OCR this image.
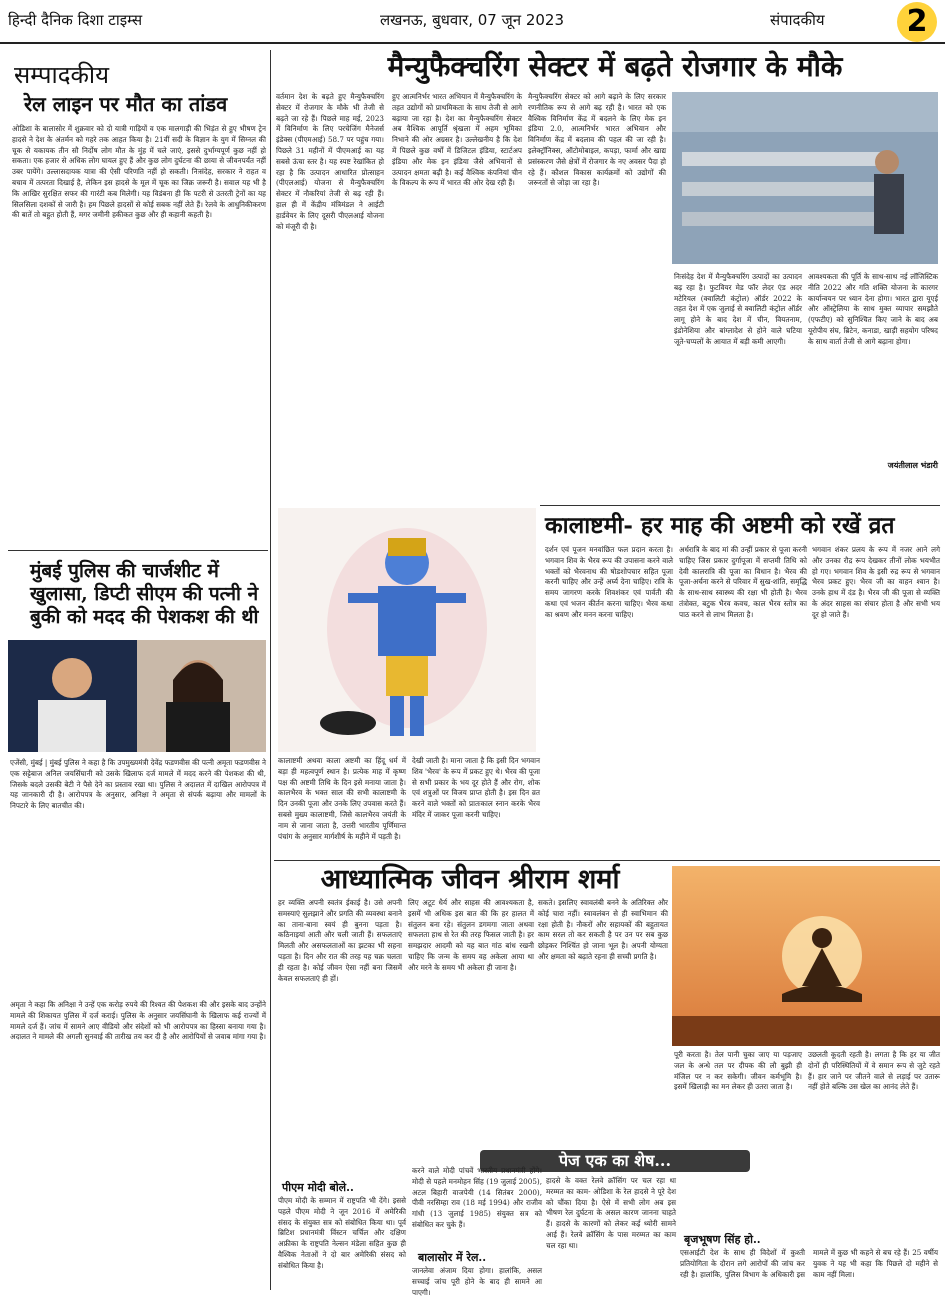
हिन्दी दैनिक दिशा टाइम्स	लखनऊ, बुधवार, 07 जून 2023	संपादकीय	2
सम्पादकीय
रेल लाइन पर मौत का तांडव
ओडिशा के बालासोर में शुक्रवार को दो यात्री गाड़ियों व एक मालगाड़ी की भिड़ंत से हुए भीषण ट्रेन हादसे ने देश के अंतर्मन को गहरे तक आहत किया है। 21वीं सदी के विज्ञान के युग में सिग्नल की चूक से यकायक तीन सौ निर्दोष लोग मौत के मुंह में चले जाएं, इससे दुर्भाग्यपूर्ण कुछ नहीं हो सकता। एक हजार से अधिक लोग घायल हुए हैं और कुछ लोग दुर्घटना की छाया से जीवनपर्यंत नहीं उबर पायेंगे। उल्लासदायक यात्रा की ऐसी परिणति नहीं हो सकती। निःसंदेह, सरकार ने राहत व बचाव में तत्परता दिखाई है, लेकिन इस हादसे के मूल में चूक का जिक्र जरूरी है। सवाल यह भी है कि आखिर सुरक्षित सफर की गारंटी कब मिलेगी। यह विडंबना ही कि पटरी से उतरती ट्रेनों का यह सिलसिला दशकों से जारी है। हम पिछले हादसों से कोई सबक नहीं लेते हैं। रेलवे के आधुनिकीकरण की बातें तो बहुत होती हैं, मगर जमीनी हकीकत कुछ और ही कहानी कहती है।
मुंबई पुलिस की चार्जशीट में खुलासा, डिप्टी सीएम की पत्नी ने बुकी को मदद की पेशकश की थी
एजेंसी, मुंबई | मुंबई पुलिस ने कहा है कि उपमुख्यमंत्री देवेंद्र फडणवीस की पत्नी अमृता फडणवीस ने एक सट्टेबाज अनिल जयसिंघानी को उसके खिलाफ दर्ज मामले में मदद करने की पेशकश की थी, जिसके बदले उसकी बेटी ने पैसे देने का प्रस्ताव रखा था। पुलिस ने अदालत में दाखिल आरोपपत्र में यह जानकारी दी है। आरोपपत्र के अनुसार, अनिक्षा ने अमृता से संपर्क बढ़ाया और मामलों के निपटारे के लिए बातचीत की।
अमृता ने कहा कि अनिक्षा ने उन्हें एक करोड़ रुपये की रिश्वत की पेशकश की और इसके बाद उन्होंने मामले की शिकायत पुलिस में दर्ज कराई। पुलिस के अनुसार जयसिंघानी के खिलाफ कई राज्यों में मामले दर्ज हैं। जांच में सामने आए वीडियो और संदेशों को भी आरोपपत्र का हिस्सा बनाया गया है। अदालत ने मामले की अगली सुनवाई की तारीख तय कर दी है और आरोपियों से जवाब मांगा गया है।
मैन्युफैक्चरिंग सेक्टर में बढ़ते रोजगार के मौके
वर्तमान देश के बढ़ते हुए मैन्युफैक्चरिंग सेक्टर में रोजगार के मौके भी तेजी से बढ़ते जा रहे हैं। पिछले माह मई, 2023 में विनिर्माण के लिए परचेजिंग मैनेजर्स इंडेक्स (पीएमआई) 58.7 पर पहुंच गया। पिछले 31 महीनों में पीएमआई का यह सबसे ऊंचा स्तर है। यह स्पष्ट रेखांकित हो रहा है कि उत्पादन आधारित प्रोत्साहन (पीएलआई) योजना से मैन्युफैक्चरिंग सेक्टर में नौकरियां तेजी से बढ़ रही हैं। हाल ही में केंद्रीय मंत्रिमंडल ने आईटी हार्डवेयर के लिए दूसरी पीएलआई योजना को मंजूरी दी है।
हुए आत्मनिर्भर भारत अभियान में मैन्युफैक्चरिंग के तहत उद्योगों को प्राथमिकता के साथ तेजी से आगे बढ़ाया जा रहा है। देश का मैन्युफैक्चरिंग सेक्टर अब वैश्विक आपूर्ति श्रृंखला में अहम भूमिका निभाने की ओर अग्रसर है। उल्लेखनीय है कि देश में पिछले कुछ वर्षों में डिजिटल इंडिया, स्टार्टअप इंडिया और मेक इन इंडिया जैसे अभियानों से उत्पादन क्षमता बढ़ी है। कई वैश्विक कंपनियां चीन के विकल्प के रूप में भारत की ओर देख रही हैं।
मैन्युफैक्चरिंग सेक्टर को आगे बढ़ाने के लिए सरकार रणनीतिक रूप से आगे बढ़ रही है। भारत को एक वैश्विक विनिर्माण केंद्र में बदलने के लिए मेक इन इंडिया 2.0, आत्मनिर्भर भारत अभियान और विनिर्माण केंद्र में बदलाव की पहल की जा रही है। इलेक्ट्रॉनिक्स, ऑटोमोबाइल, कपड़ा, फार्मा और खाद्य प्रसंस्करण जैसे क्षेत्रों में रोजगार के नए अवसर पैदा हो रहे हैं। कौशल विकास कार्यक्रमों को उद्योगों की जरूरतों से जोड़ा जा रहा है।
निःसंदेह देश में मैन्युफैक्चरिंग उत्पादों का उत्पादन बढ़ रहा है। फुटवियर मेड फॉर लेदर एंड अदर मटेरियल (क्वालिटी कंट्रोल) ऑर्डर 2022 के तहत देश में एक जुलाई से क्वालिटी कंट्रोल ऑर्डर लागू होने के बाद देश में चीन, वियतनाम, इंडोनेशिया और बांग्लादेश से होने वाले घटिया जूते-चप्पलों के आयात में बड़ी कमी आएगी।
आवश्यकता की पूर्ति के साथ-साथ नई लॉजिस्टिक नीति 2022 और गति शक्ति योजना के कारगर कार्यान्वयन पर ध्यान देना होगा। भारत द्वारा यूएई और ऑस्ट्रेलिया के साथ मुक्त व्यापार समझौते (एफटीए) को सुनिश्चित किए जाने के बाद अब यूरोपीय संघ, ब्रिटेन, कनाडा, खाड़ी सहयोग परिषद के साथ वार्ता तेजी से आगे बढ़ाना होगा।
जयंतीलाल भंडारी
कालाष्टमी- हर माह की अष्टमी को रखें व्रत
दर्शन एवं पूजन मनवांछित फल प्रदान करता है। भगवान शिव के भैरव रूप की उपासना करने वाले भक्तों को भैरवनाथ की षोडशोपचार सहित पूजा करनी चाहिए और उन्हें अर्घ्य देना चाहिए। रात्रि के समय जागरण करके शिवशंकर एवं पार्वती की कथा एवं भजन कीर्तन करना चाहिए। भैरव कथा का श्रवण और मनन करना चाहिए।
अर्धरात्रि के बाद मां की उन्हीं प्रकार से पूजा करनी चाहिए जिस प्रकार दुर्गापूजा में सप्तमी तिथि को देवी कालरात्रि की पूजा का विधान है। भैरव की पूजा-अर्चना करने से परिवार में सुख-शांति, समृद्धि के साथ-साथ स्वास्थ्य की रक्षा भी होती है। भैरव तंत्रोक्त, बटुक भैरव कवच, काल भैरव स्तोत्र का पाठ करने से लाभ मिलता है।
भगवान शंकर प्रलय के रूप में नजर आने लगे और उनका रौद्र रूप देखकर तीनों लोक भयभीत हो गए। भगवान शिव के इसी रुद्र रूप से भगवान भैरव प्रकट हुए। भैरव जी का वाहन श्वान है। उनके हाथ में दंड है। भैरव जी की पूजा से व्यक्ति के अंदर साहस का संचार होता है और सभी भय दूर हो जाते हैं।
कालाष्टमी अथवा काला अष्टमी का हिंदू धर्म में बड़ा ही महत्वपूर्ण स्थान है। प्रत्येक माह में कृष्ण पक्ष की अष्टमी तिथि के दिन इसे मनाया जाता है। कालभैरव के भक्त साल की सभी कालाष्टमी के दिन उनकी पूजा और उनके लिए उपवास करते हैं। सबसे मुख्य कालाष्टमी, जिसे कालभैरव जयंती के नाम से जाना जाता है, उत्तरी भारतीय पूर्णिमान्त पंचांग के अनुसार मार्गशीर्ष के महीने में पड़ती है।
देखी जाती है। माना जाता है कि इसी दिन भगवान शिव 'भैरव' के रूप में प्रकट हुए थे। भैरव की पूजा से सभी प्रकार के भय दूर होते हैं और रोग, शोक एवं शत्रुओं पर विजय प्राप्त होती है। इस दिन व्रत करने वाले भक्तों को प्रातःकाल स्नान करके भैरव मंदिर में जाकर पूजा करनी चाहिए।
आध्यात्मिक जीवन श्रीराम शर्मा
हर व्यक्ति अपनी स्वतंत्र ईकाई है। उसे अपनी समस्याएं सुलझाने और प्रगति की व्यवस्था बनाने का ताना-बाना स्वयं ही बुनना पड़ता है। कठिनाइयां आती और चली जाती हैं। सफलताएं मिलती और असफलताओं का झटका भी सहना पड़ता है। दिन और रात की तरह यह चक्र चलता ही रहता है। कोई जीवन ऐसा नहीं बना जिसमें केवल सफलताएं ही हों।
लिए अटूट धैर्य और साहस की आवश्यकता है, इसमें भी अधिक इस बात की कि हर हालत में संतुलन बना रहे। संतुलन डगमगा जाता अथवा सफलता हाथ से रेत की तरह फिसल जाती है। हर समझदार आदमी को यह बात गांठ बांध रखनी चाहिए कि जन्म के समय वह अकेला आया था और मरने के समय भी अकेला ही जाना है।
सकते। इसलिए स्वावलंबी बनने के अतिरिक्त और कोई चारा नहीं। स्वावलंबन से ही स्वाभिमान की रक्षा होती है। नौकरों और सहायकों की बहुतायत काम सरल तो कर सकती है पर उन पर सब कुछ छोड़कर निश्चिंत हो जाना भूल है। अपनी योग्यता और क्षमता को बढ़ाते रहना ही सच्ची प्रगति है।
पूरी करता है। तेल पानी चुका जाए या पड़जाए जल के अन्धे तल पर दीपक की लौ बुझी ही मंजिल पर न कर सकेगी। जीवन कर्मभूमि है। इसमें खिलाड़ी का मन लेकर ही उतरा जाता है।
उछलती कूदती रहती है। लगता है कि हर या जीत दोनों ही परिस्थितियों में वे समान रूप से जुटे रहते हैं। हार जाने पर जीतने वाले से लड़ाई पर उतारू नहीं होते बल्कि उस खेल का आनंद लेते हैं।
पेज एक का शेष...
पीएम मोदी बोले..
पीएम मोदी के सम्मान में राष्ट्रपति भी देंगे। इससे पहले पीएम मोदी ने जून 2016 में अमेरिकी संसद के संयुक्त सत्र को संबोधित किया था। पूर्व ब्रिटिश प्रधानमंत्री विंस्टन चर्चिल और दक्षिण अफ्रीका के राष्ट्रपति नेल्सन मंडेला सहित कुछ ही वैश्विक नेताओं ने दो बार अमेरिकी संसद को संबोधित किया है।
करने वाले मोदी पांचवें भारतीय प्रधानमंत्री होंगे। मोदी से पहले मनमोहन सिंह (19 जुलाई 2005), अटल बिहारी वाजपेयी (14 सितंबर 2000), पीवी नरसिम्हा राव (18 मई 1994) और राजीव गांधी (13 जुलाई 1985) संयुक्त सत्र को संबोधित कर चुके हैं।
बालासोर में रेल..
जानलेवा अंजाम दिया होगा। हालांकि, असल सच्चाई जांच पूरी होने के बाद ही सामने आ पाएगी।
हादसे के वक्त रेलवे क्रॉसिंग पर चल रहा था मरम्मत का काम- ओडिशा के रेल हादसे ने पूरे देश को चौंका दिया है। ऐसे में सभी लोग अब इस भीषण रेल दुर्घटना के असल कारण जानना चाहते हैं। हादसे के कारणों को लेकर कई थ्योरी सामने आई हैं। रेलवे क्रॉसिंग के पास मरम्मत का काम चल रहा था।	बृजभूषण सिंह हो..
एसआईटी देश के साथ ही विदेशों में कुश्ती प्रतियोगिता के दौरान लगे आरोपों की जांच कर रही है। हालांकि, पुलिस विभाग के अधिकारी इस मामले में कुछ भी कहने से बच रहे हैं। 25 वर्षीय युवक ने यह भी कहा कि पिछले दो महीने से काम नहीं मिला।
